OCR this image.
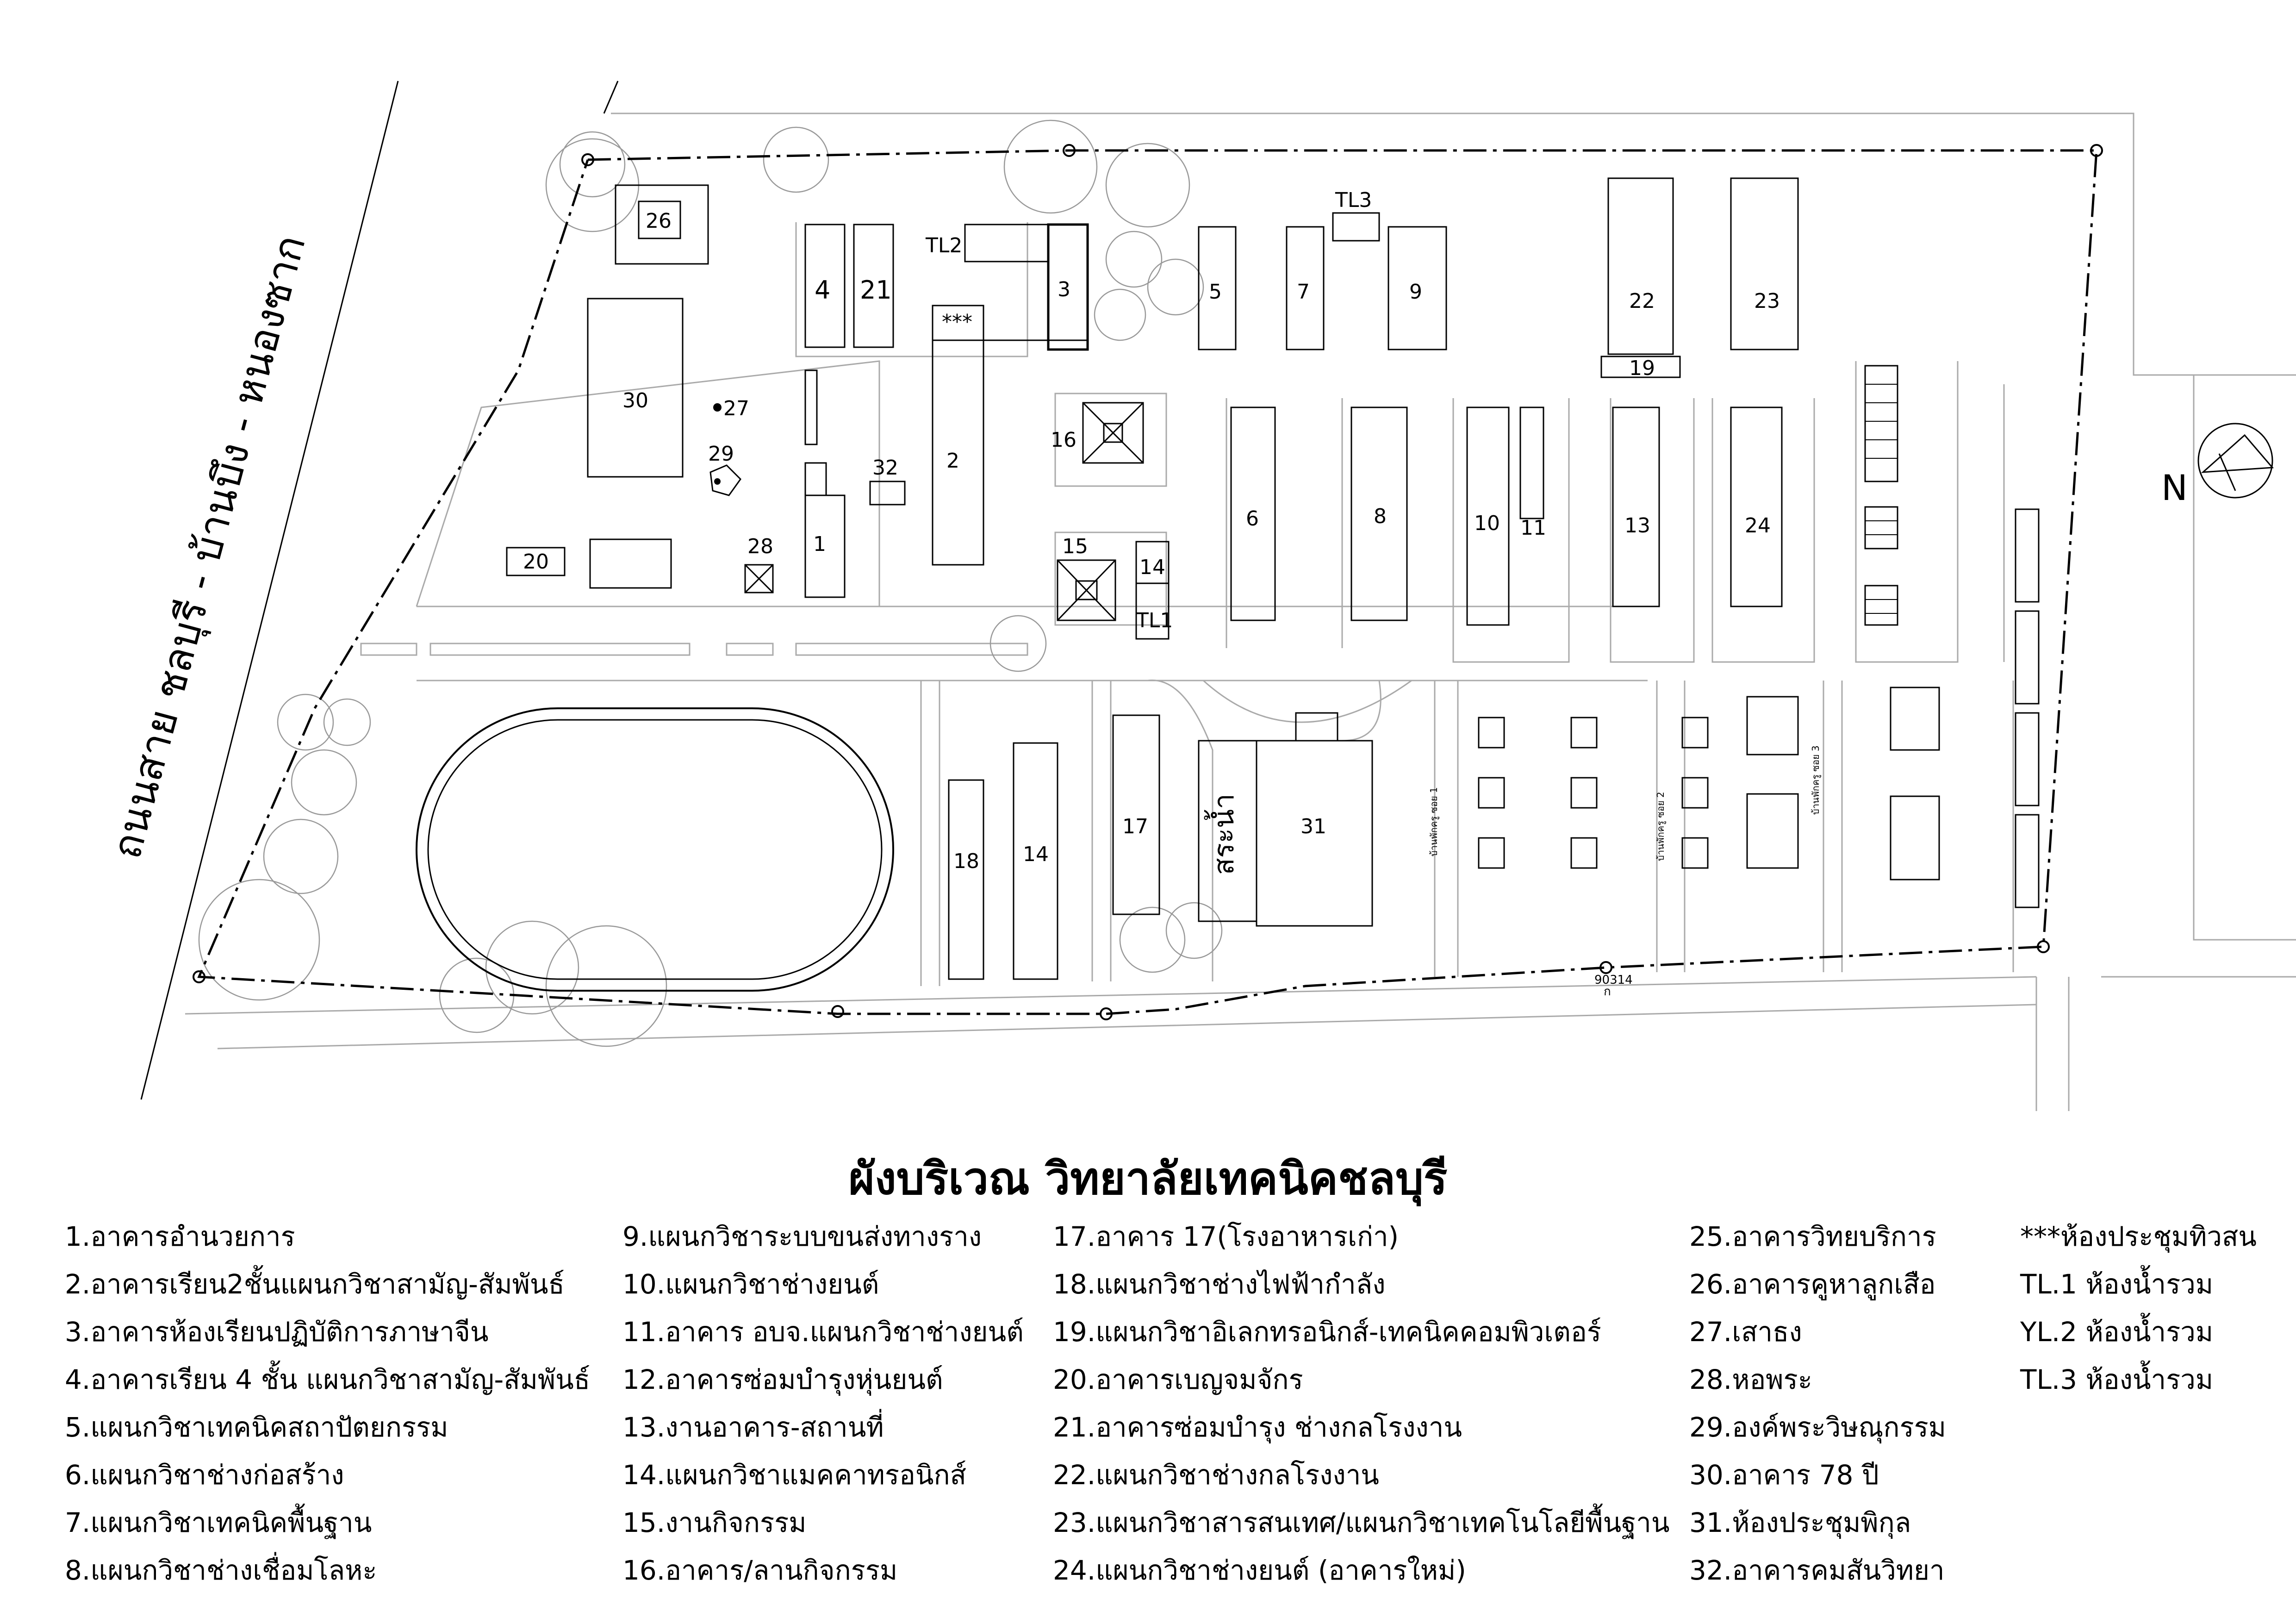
ถนนสาย ชลบุรี - บ้านบึง - หนองซาก
90314
ก
26
30	27
29
20
28
4 21
TL2
3
***
2
1
32
16
15
14
TL1
5	7
TL3
9	22
19
23
6	8	10 11	13	24
18 14
17 สระน้ำ	31	บ้านพักครู ซอย 1	บ้านพักครู ซอย 2
บ้านพักครู ซอย 3
N
ผังบริเวณ วิทยาลัยเทคนิคชลบุรี
1.อาคารอำนวยการ
2.อาคารเรียน2ชั้นแผนกวิชาสามัญ-สัมพันธ์
3.อาคารห้องเรียนปฏิบัติการภาษาจีน
4.อาคารเรียน 4 ชั้น แผนกวิชาสามัญ-สัมพันธ์
5.แผนกวิชาเทคนิคสถาปัตยกรรม
6.แผนกวิชาช่างก่อสร้าง
7.แผนกวิชาเทคนิคพื้นฐาน
8.แผนกวิชาช่างเชื่อมโลหะ
9.แผนกวิชาระบบขนส่งทางราง
10.แผนกวิชาช่างยนต์
11.อาคาร อบจ.แผนกวิชาช่างยนต์
12.อาคารซ่อมบำรุงหุ่นยนต์
13.งานอาคาร-สถานที่
14.แผนกวิชาแมคคาทรอนิกส์
15.งานกิจกรรม
16.อาคาร/ลานกิจกรรม
17.อาคาร 17(โรงอาหารเก่า)
18.แผนกวิชาช่างไฟฟ้ากำลัง
19.แผนกวิชาอิเลกทรอนิกส์-เทคนิคคอมพิวเตอร์
20.อาคารเบญจมจักร
21.อาคารซ่อมบำรุง ช่างกลโรงงาน
22.แผนกวิชาช่างกลโรงงาน
23.แผนกวิชาสารสนเทศ/แผนกวิชาเทคโนโลยีพื้นฐาน
24.แผนกวิชาช่างยนต์ (อาคารใหม่)
25.อาคารวิทยบริการ
26.อาคารคูหาลูกเสือ
27.เสาธง
28.หอพระ
29.องค์พระวิษณุกรรม
30.อาคาร 78 ปี
31.ห้องประชุมพิกุล
32.อาคารคมสันวิทยา
***ห้องประชุมทิวสน
TL.1 ห้องน้ำรวม
YL.2 ห้องน้ำรวม
TL.3 ห้องน้ำรวม
